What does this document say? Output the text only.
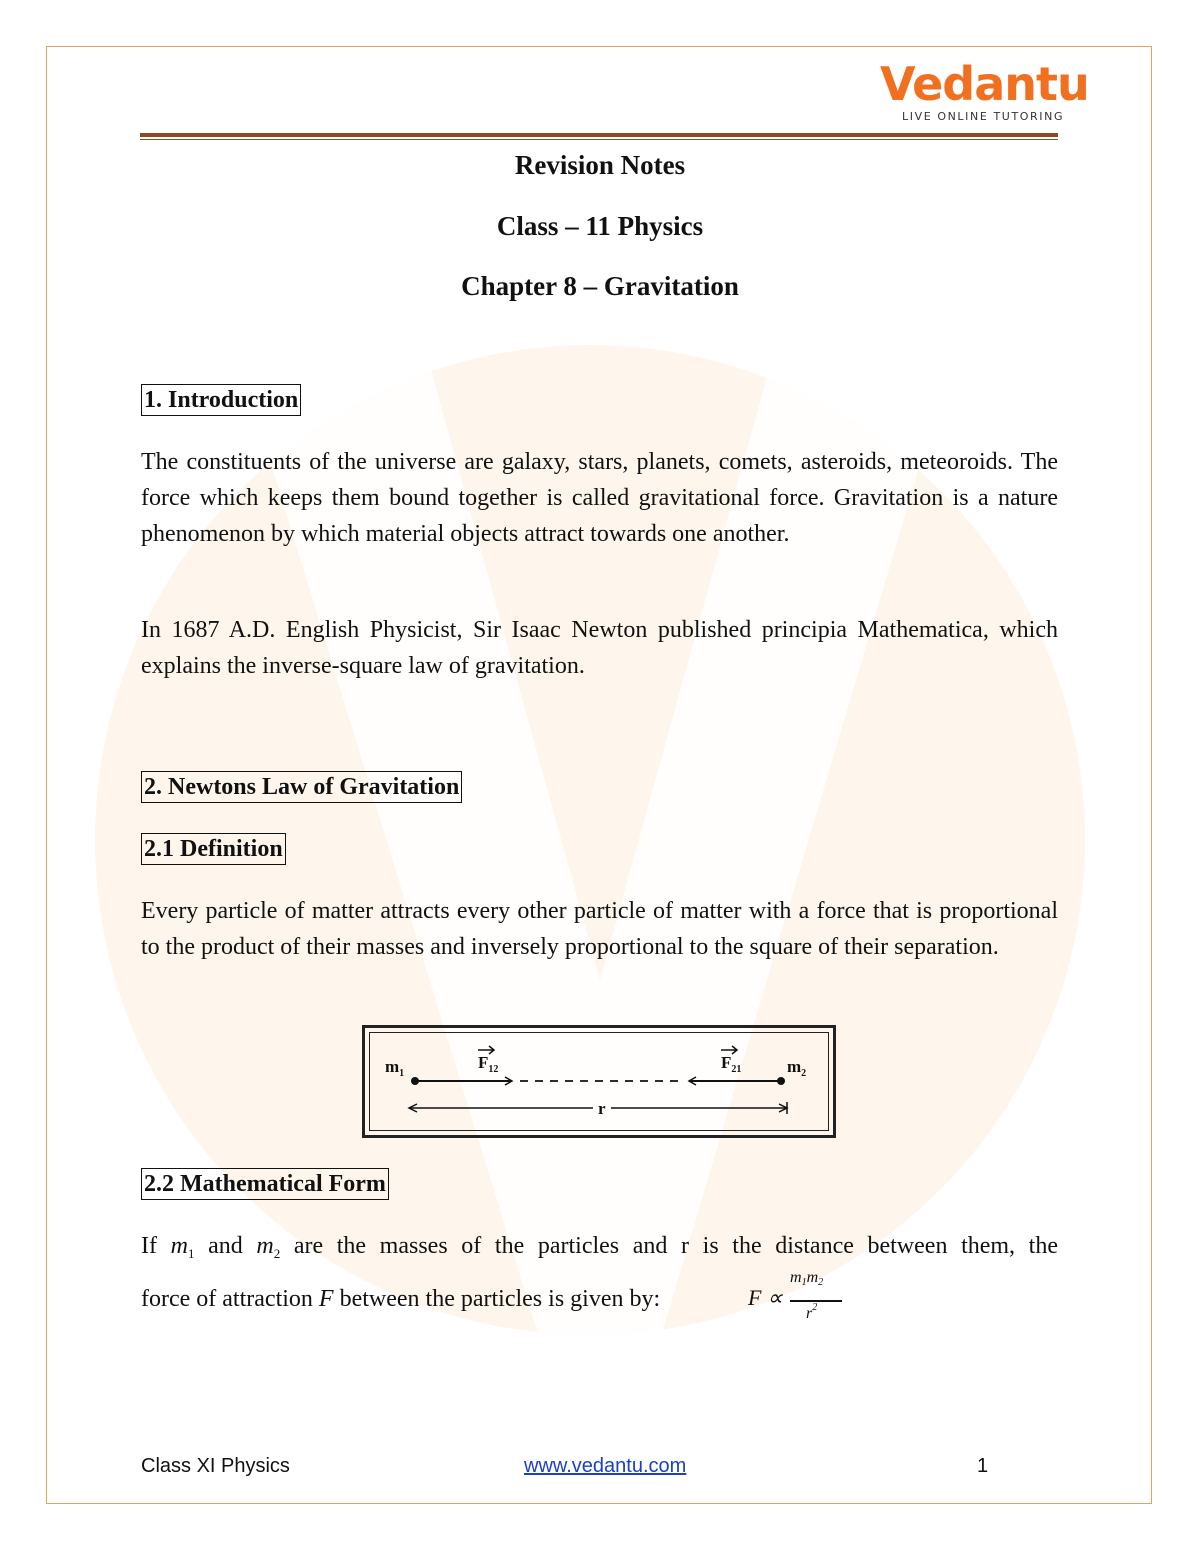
Vedantu
LIVE ONLINE TUTORING
Revision Notes
Class – 11 Physics
Chapter 8 – Gravitation
1. Introduction

The constituents of the universe are galaxy, stars, planets, comets, asteroids, meteoroids. The force which keeps them bound together is called gravitational force. Gravitation is a nature phenomenon by which material objects attract towards one another.

In 1687 A.D. English Physicist, Sir Isaac Newton published principia Mathematica, which explains the inverse-square law of gravitation.

2. Newtons Law of Gravitation
2.1 Definition

Every particle of matter attracts every other particle of matter with a force that is proportional to the product of their masses and inversely proportional to the square of their separation.

$m_1$	$m_2$
$F_{12}$	$F_{21}$
r
2.2 Mathematical Form
If $m_1$ and $m_2$ are the masses of the particles and r is the distance between them, the
force of attraction F between the particles is given by:	F ∝
m1m2
$r^2$
Class XI Physics	www.vedantu.com	1
